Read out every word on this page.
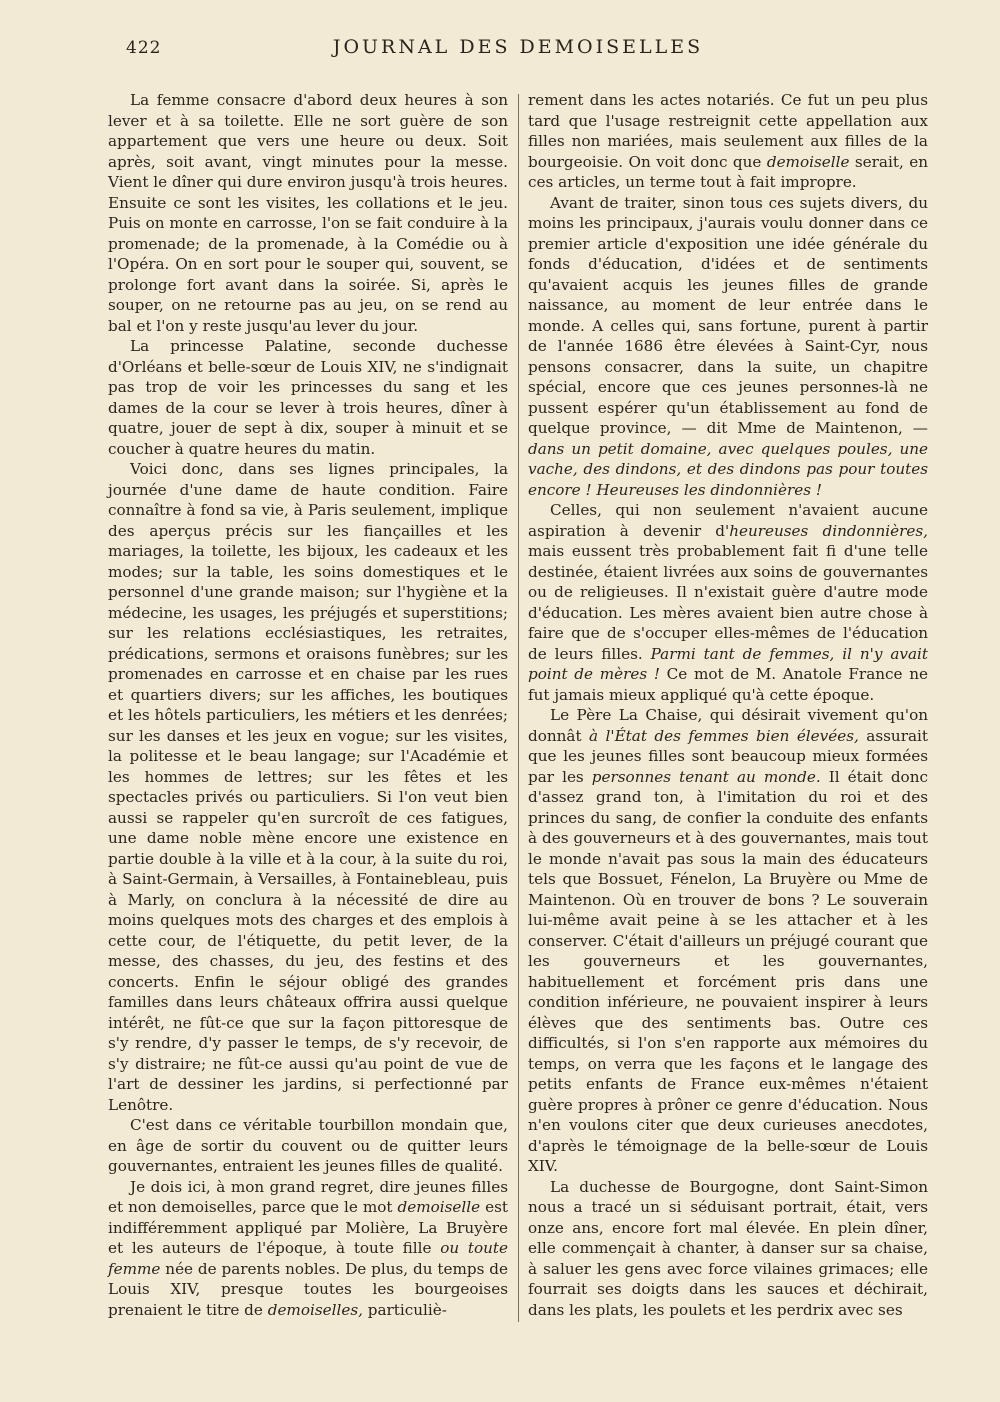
422	JOURNAL DES DEMOISELLES

La femme consacre d'abord deux heures à son lever et à sa toilette. Elle ne sort guère de son appartement que vers une heure ou deux. Soit après, soit avant, vingt minutes pour la messe. Vient le dîner qui dure environ jusqu'à trois heures. Ensuite ce sont les visites, les collations et le jeu. Puis on monte en carrosse, l'on se fait conduire à la promenade; de la promenade, à la Comédie ou à l'Opéra. On en sort pour le souper qui, souvent, se prolonge fort avant dans la soirée. Si, après le souper, on ne retourne pas au jeu, on se rend au bal et l'on y reste jusqu'au lever du jour.

La princesse Palatine, seconde duchesse d'Orléans et belle-sœur de Louis XIV, ne s'indignait pas trop de voir les princesses du sang et les dames de la cour se lever à trois heures, dîner à quatre, jouer de sept à dix, souper à minuit et se coucher à quatre heures du matin.

Voici donc, dans ses lignes principales, la journée d'une dame de haute condition. Faire connaître à fond sa vie, à Paris seulement, implique des aperçus précis sur les fiançailles et les mariages, la toilette, les bijoux, les cadeaux et les modes; sur la table, les soins domestiques et le personnel d'une grande maison; sur l'hygiène et la médecine, les usages, les préjugés et superstitions; sur les relations ecclésiastiques, les retraites, prédications, sermons et oraisons funèbres; sur les promenades en carrosse et en chaise par les rues et quartiers divers; sur les affiches, les boutiques et les hôtels particuliers, les métiers et les denrées; sur les danses et les jeux en vogue; sur les visites, la politesse et le beau langage; sur l'Académie et les hommes de lettres; sur les fêtes et les spectacles privés ou particuliers. Si l'on veut bien aussi se rappeler qu'en surcroît de ces fatigues, une dame noble mène encore une existence en partie double à la ville et à la cour, à la suite du roi, à Saint-Germain, à Versailles, à Fontainebleau, puis à Marly, on conclura à la nécessité de dire au moins quelques mots des charges et des emplois à cette cour, de l'étiquette, du petit lever, de la messe, des chasses, du jeu, des festins et des concerts. Enfin le séjour obligé des grandes familles dans leurs châteaux offrira aussi quelque intérêt, ne fût-ce que sur la façon pittoresque de s'y rendre, d'y passer le temps, de s'y recevoir, de s'y distraire; ne fût-ce aussi qu'au point de vue de l'art de dessiner les jardins, si perfectionné par Lenôtre.

C'est dans ce véritable tourbillon mondain que, en âge de sortir du couvent ou de quitter leurs gouvernantes, entraient les jeunes filles de qualité.

Je dois ici, à mon grand regret, dire jeunes filles et non demoiselles, parce que le mot demoiselle est indifféremment appliqué par Molière, La Bruyère et les auteurs de l'époque, à toute fille ou toute femme née de parents nobles. De plus, du temps de Louis XIV, presque toutes les bourgeoises prenaient le titre de demoiselles, particuliè-

rement dans les actes notariés. Ce fut un peu plus tard que l'usage restreignit cette appellation aux filles non mariées, mais seulement aux filles de la bourgeoisie. On voit donc que demoiselle serait, en ces articles, un terme tout à fait impropre.

Avant de traiter, sinon tous ces sujets divers, du moins les principaux, j'aurais voulu donner dans ce premier article d'exposition une idée générale du fonds d'éducation, d'idées et de sentiments qu'avaient acquis les jeunes filles de grande naissance, au moment de leur entrée dans le monde. A celles qui, sans fortune, purent à partir de l'année 1686 être élevées à Saint-Cyr, nous pensons consacrer, dans la suite, un chapitre spécial, encore que ces jeunes personnes-là ne pussent espérer qu'un établissement au fond de quelque province, — dit Mme de Maintenon, — dans un petit domaine, avec quelques poules, une vache, des dindons, et des dindons pas pour toutes encore ! Heureuses les dindonnières !

Celles, qui non seulement n'avaient aucune aspiration à devenir d'heureuses dindonnières, mais eussent très probablement fait fi d'une telle destinée, étaient livrées aux soins de gouvernantes ou de religieuses. Il n'existait guère d'autre mode d'éducation. Les mères avaient bien autre chose à faire que de s'occuper elles-mêmes de l'éducation de leurs filles. Parmi tant de femmes, il n'y avait point de mères ! Ce mot de M. Anatole France ne fut jamais mieux appliqué qu'à cette époque.

Le Père La Chaise, qui désirait vivement qu'on donnât à l'État des femmes bien élevées, assurait que les jeunes filles sont beaucoup mieux formées par les personnes tenant au monde. Il était donc d'assez grand ton, à l'imitation du roi et des princes du sang, de confier la conduite des enfants à des gouverneurs et à des gouvernantes, mais tout le monde n'avait pas sous la main des éducateurs tels que Bossuet, Fénelon, La Bruyère ou Mme de Maintenon. Où en trouver de bons ? Le souverain lui-même avait peine à se les attacher et à les conserver. C'était d'ailleurs un préjugé courant que les gouverneurs et les gouvernantes, habituellement et forcément pris dans une condition inférieure, ne pouvaient inspirer à leurs élèves que des sentiments bas. Outre ces difficultés, si l'on s'en rapporte aux mémoires du temps, on verra que les façons et le langage des petits enfants de France eux-mêmes n'étaient guère propres à prôner ce genre d'éducation. Nous n'en voulons citer que deux curieuses anecdotes, d'après le témoignage de la belle-sœur de Louis XIV.

La duchesse de Bourgogne, dont Saint-Simon nous a tracé un si séduisant portrait, était, vers onze ans, encore fort mal élevée. En plein dîner, elle commençait à chanter, à danser sur sa chaise, à saluer les gens avec force vilaines grimaces; elle fourrait ses doigts dans les sauces et déchirait, dans les plats, les poulets et les perdrix avec ses
